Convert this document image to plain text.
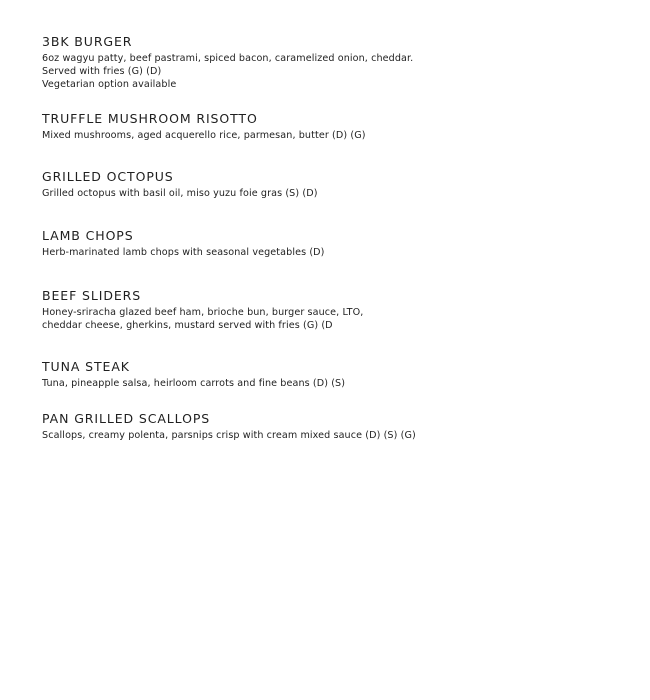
3BK BURGER
6oz wagyu patty, beef pastrami, spiced bacon, caramelized onion, cheddar.
Served with fries (G) (D)
Vegetarian option available
TRUFFLE MUSHROOM RISOTTO
Mixed mushrooms, aged acquerello rice, parmesan, butter (D) (G)
GRILLED OCTOPUS
Grilled octopus with basil oil, miso yuzu foie gras (S) (D)
LAMB CHOPS
Herb-marinated lamb chops with seasonal vegetables (D)
BEEF SLIDERS
Honey-sriracha glazed beef ham, brioche bun, burger sauce, LTO,
cheddar cheese, gherkins, mustard served with fries (G) (D
TUNA STEAK
Tuna, pineapple salsa, heirloom carrots and fine beans (D) (S)
PAN GRILLED SCALLOPS
Scallops, creamy polenta, parsnips crisp with cream mixed sauce (D) (S) (G)
